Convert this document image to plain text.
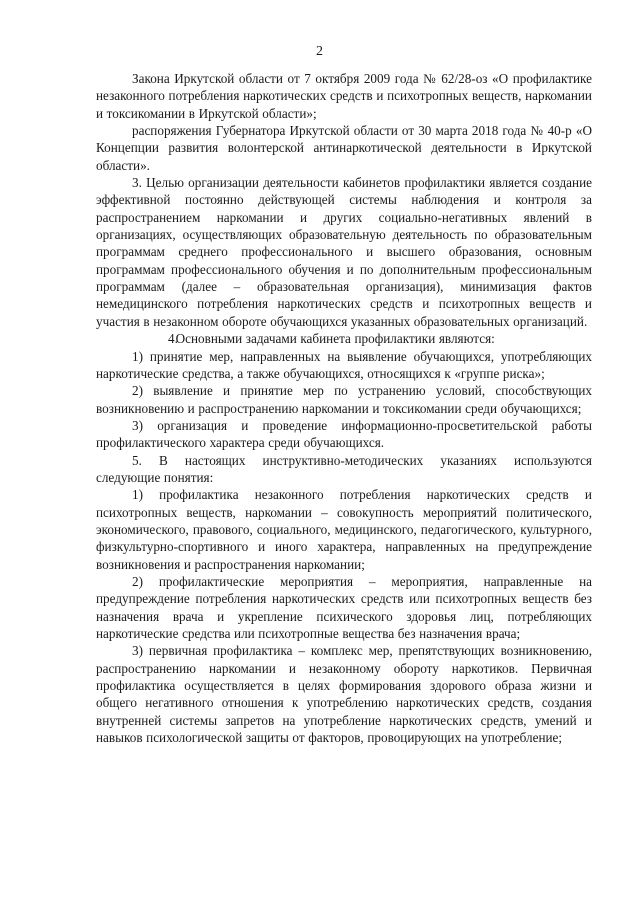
2

Закона Иркутской области от 7 октября 2009 года № 62/28-оз «О профилактике незаконного потребления наркотических средств и психотропных веществ, наркомании и токсикомании в Иркутской области»;

распоряжения Губернатора Иркутской области от 30 марта 2018 года № 40-р «О Концепции развития волонтерской антинаркотической деятельности в Иркутской области».

3. Целью организации деятельности кабинетов профилактики является создание эффективной постоянно действующей системы наблюдения и контроля за распространением наркомании и других социально-негативных явлений в организациях, осуществляющих образовательную деятельность по образовательным программам среднего профессионального и высшего образования, основным программам профессионального обучения и по дополнительным профессиональным программам (далее – образовательная организация), минимизация фактов немедицинского потребления наркотических средств и психотропных веществ и участия в незаконном обороте обучающихся указанных образовательных организаций.

4.      Основными задачами кабинета профилактики являются:

1) принятие мер, направленных на выявление обучающихся, употребляющих наркотические средства, а также обучающихся, относящихся к «группе риска»;

2) выявление и принятие мер по устранению условий, способствующих возникновению и распространению наркомании и токсикомании среди обучающихся;

3) организация и проведение информационно-просветительской работы профилактического характера среди обучающихся.

5. В настоящих инструктивно-методических указаниях используются следующие понятия:

1) профилактика незаконного потребления наркотических средств и психотропных веществ, наркомании – совокупность мероприятий политического, экономического, правового, социального, медицинского, педагогического, культурного, физкультурно-спортивного и иного характера, направленных на предупреждение возникновения и распространения наркомании;

2) профилактические мероприятия – мероприятия, направленные на предупреждение потребления наркотических средств или психотропных веществ без назначения врача и укрепление психического здоровья лиц, потребляющих наркотические средства или психотропные вещества без назначения врача;

3) первичная профилактика – комплекс мер, препятствующих возникновению, распространению наркомании и незаконному обороту наркотиков. Первичная профилактика осуществляется в целях формирования здорового образа жизни и общего негативного отношения к употреблению наркотических средств, создания внутренней системы запретов на употребление наркотических средств, умений и навыков психологической защиты от факторов, провоцирующих на употребление;
